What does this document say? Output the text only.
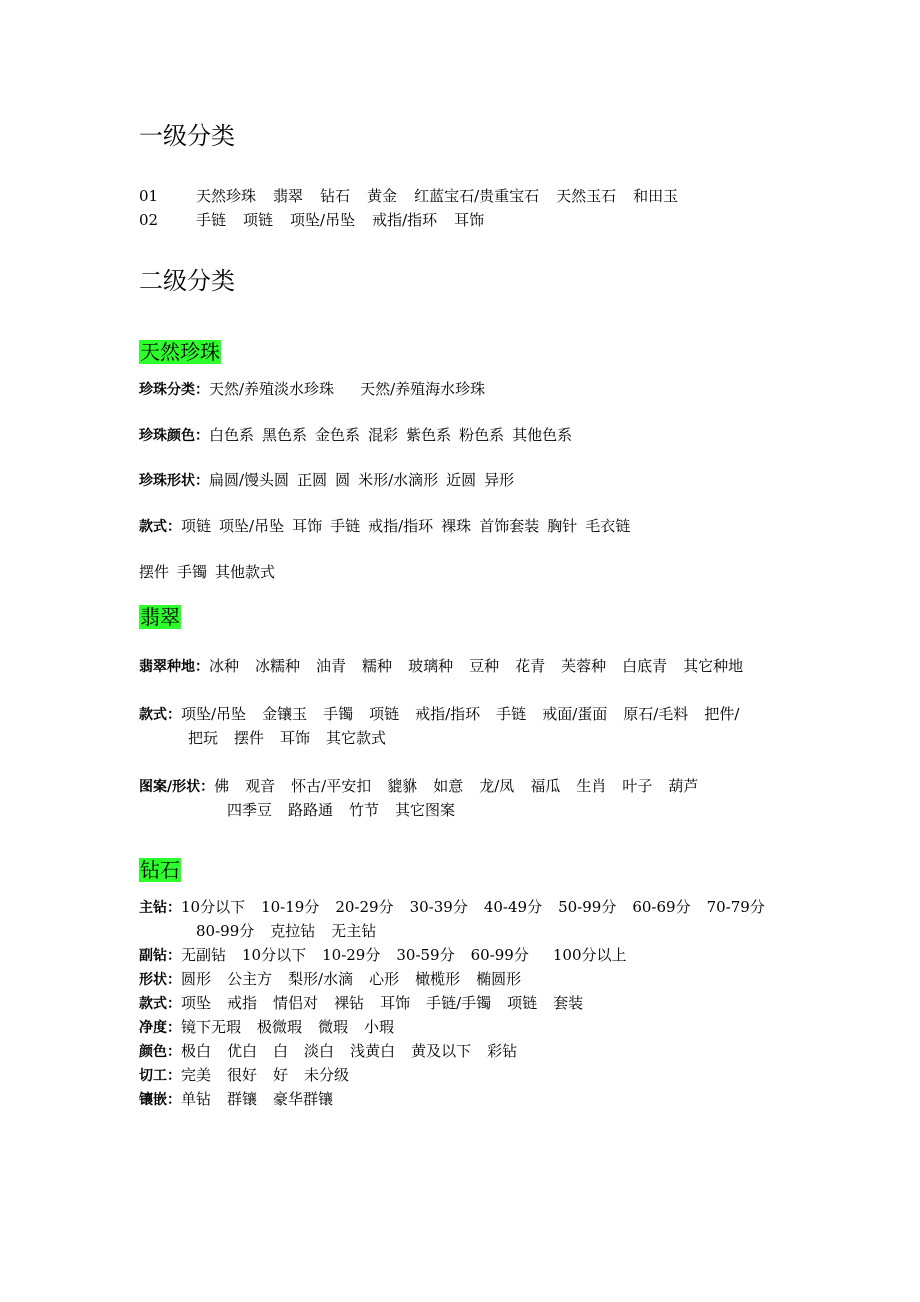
一级分类
01	天然珍珠 翡翠 钻石 黄金 红蓝宝石/贵重宝石 天然玉石 和田玉
02	手链 项链 项坠/吊坠 戒指/指环 耳饰
二级分类
天然珍珠
珍珠分类：天然/养殖淡水珍珠 天然/养殖海水珍珠
珍珠颜色：白色系 黑色系 金色系 混彩 紫色系 粉色系 其他色系
珍珠形状：扁圆/馒头圆 正圆 圆 米形/水滴形 近圆 异形
款式：项链 项坠/吊坠 耳饰 手链 戒指/指环 裸珠 首饰套装 胸针 毛衣链
摆件 手镯 其他款式
翡翠
翡翠种地：冰种 冰糯种 油青 糯种 玻璃种 豆种 花青 芙蓉种 白底青 其它种地
款式：项坠/吊坠 金镶玉 手镯 项链 戒指/指环 手链 戒面/蛋面 原石/毛料 把件/
把玩 摆件 耳饰 其它款式
图案/形状：佛 观音 怀古/平安扣 貔貅 如意 龙/凤 福瓜 生肖 叶子 葫芦
四季豆 路路通 竹节 其它图案
钻石
主钻：10分以下 10-19分 20-29分 30-39分 40-49分 50-99分 60-69分 70-79分
80-99分 克拉钻 无主钻
副钻：无副钻 10分以下 10-29分 30-59分 60-99分 100分以上
形状：圆形 公主方 梨形/水滴 心形 橄榄形 椭圆形
款式：项坠 戒指 情侣对 裸钻 耳饰 手链/手镯 项链 套装
净度：镜下无瑕 极微瑕 微瑕 小瑕
颜色：极白 优白 白 淡白 浅黄白 黄及以下 彩钻
切工：完美 很好 好 未分级
镶嵌：单钻 群镶 豪华群镶
